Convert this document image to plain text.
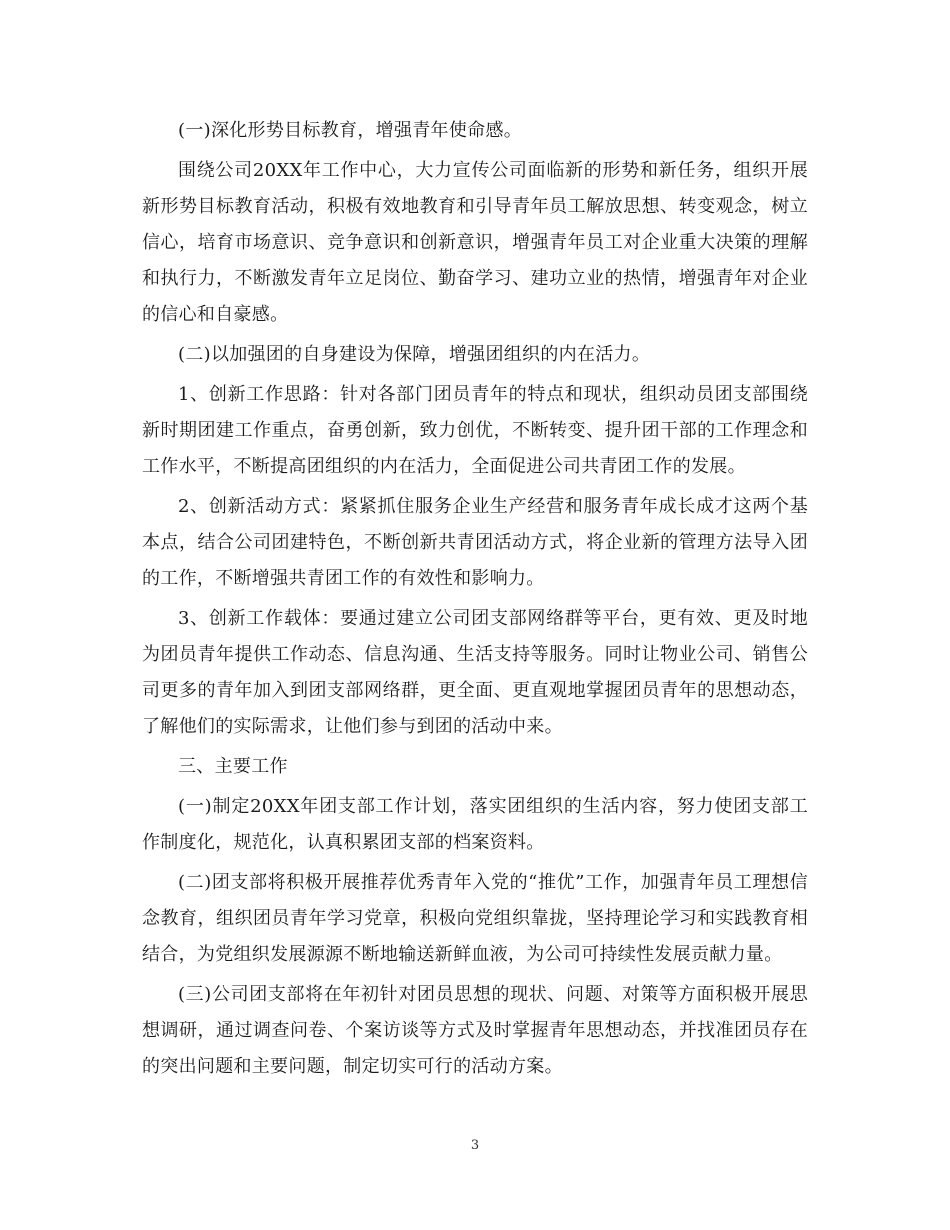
(一)深化形势目标教育，增强青年使命感。

围绕公司20XX年工作中心，大力宣传公司面临新的形势和新任务，组织开展新形势目标教育活动，积极有效地教育和引导青年员工解放思想、转变观念，树立信心，培育市场意识、竞争意识和创新意识，增强青年员工对企业重大决策的理解和执行力，不断激发青年立足岗位、勤奋学习、建功立业的热情，增强青年对企业的信心和自豪感。

(二)以加强团的自身建设为保障，增强团组织的内在活力。

1、创新工作思路：针对各部门团员青年的特点和现状，组织动员团支部围绕新时期团建工作重点，奋勇创新，致力创优，不断转变、提升团干部的工作理念和工作水平，不断提高团组织的内在活力，全面促进公司共青团工作的发展。

2、创新活动方式：紧紧抓住服务企业生产经营和服务青年成长成才这两个基本点，结合公司团建特色，不断创新共青团活动方式，将企业新的管理方法导入团的工作，不断增强共青团工作的有效性和影响力。

3、创新工作载体：要通过建立公司团支部网络群等平台，更有效、更及时地为团员青年提供工作动态、信息沟通、生活支持等服务。同时让物业公司、销售公司更多的青年加入到团支部网络群，更全面、更直观地掌握团员青年的思想动态，了解他们的实际需求，让他们参与到团的活动中来。

三、主要工作

(一)制定20XX年团支部工作计划，落实团组织的生活内容，努力使团支部工作制度化，规范化，认真积累团支部的档案资料。

(二)团支部将积极开展推荐优秀青年入党的“推优”工作，加强青年员工理想信念教育，组织团员青年学习党章，积极向党组织靠拢，坚持理论学习和实践教育相结合，为党组织发展源源不断地输送新鲜血液，为公司可持续性发展贡献力量。

(三)公司团支部将在年初针对团员思想的现状、问题、对策等方面积极开展思想调研，通过调查问卷、个案访谈等方式及时掌握青年思想动态，并找准团员存在的突出问题和主要问题，制定切实可行的活动方案。

3
